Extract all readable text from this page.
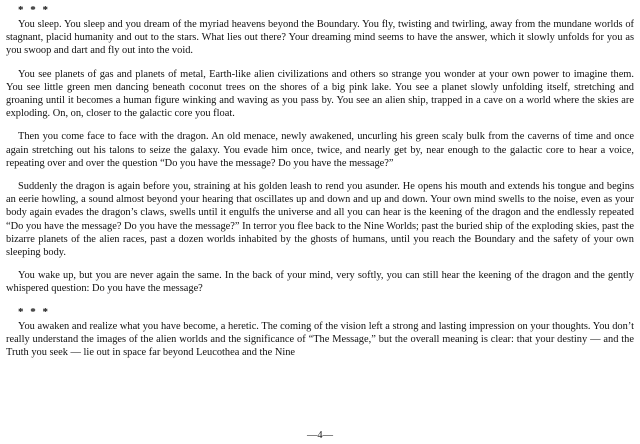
* * *

You sleep. You sleep and you dream of the myriad heavens beyond the Boundary. You fly, twisting and twirling, away from the mundane worlds of stagnant, placid humanity and out to the stars. What lies out there? Your dreaming mind seems to have the answer, which it slowly unfolds for you as you swoop and dart and fly out into the void.

You see planets of gas and planets of metal, Earth-like alien civilizations and others so strange you wonder at your own power to imagine them. You see little green men dancing beneath coconut trees on the shores of a big pink lake. You see a planet slowly unfolding itself, stretching and groaning until it becomes a human figure winking and waving as you pass by. You see an alien ship, trapped in a cave on a world where the skies are exploding. On, on, closer to the galactic core you float.

Then you come face to face with the dragon. An old menace, newly awakened, uncurling his green scaly bulk from the caverns of time and once again stretching out his talons to seize the galaxy. You evade him once, twice, and nearly get by, near enough to the galactic core to hear a voice, repeating over and over the question “Do you have the message? Do you have the message?”

Suddenly the dragon is again before you, straining at his golden leash to rend you asunder. He opens his mouth and extends his tongue and begins an eerie howling, a sound almost beyond your hearing that oscillates up and down and up and down. Your own mind swells to the noise, even as your body again evades the dragon’s claws, swells until it engulfs the universe and all you can hear is the keening of the dragon and the endlessly repeated “Do you have the message? Do you have the message?” In terror you flee back to the Nine Worlds; past the buried ship of the exploding skies, past the bizarre planets of the alien races, past a dozen worlds inhabited by the ghosts of humans, until you reach the Boundary and the safety of your own sleeping body.

You wake up, but you are never again the same. In the back of your mind, very softly, you can still hear the keening of the dragon and the gently whispered question: Do you have the message?

* * *

You awaken and realize what you have become, a heretic. The coming of the vision left a strong and lasting impression on your thoughts. You don’t really understand the images of the alien worlds and the significance of “The Message,” but the overall meaning is clear: that your destiny — and the Truth you seek — lie out in space far beyond Leucothea and the Nine

—4—
